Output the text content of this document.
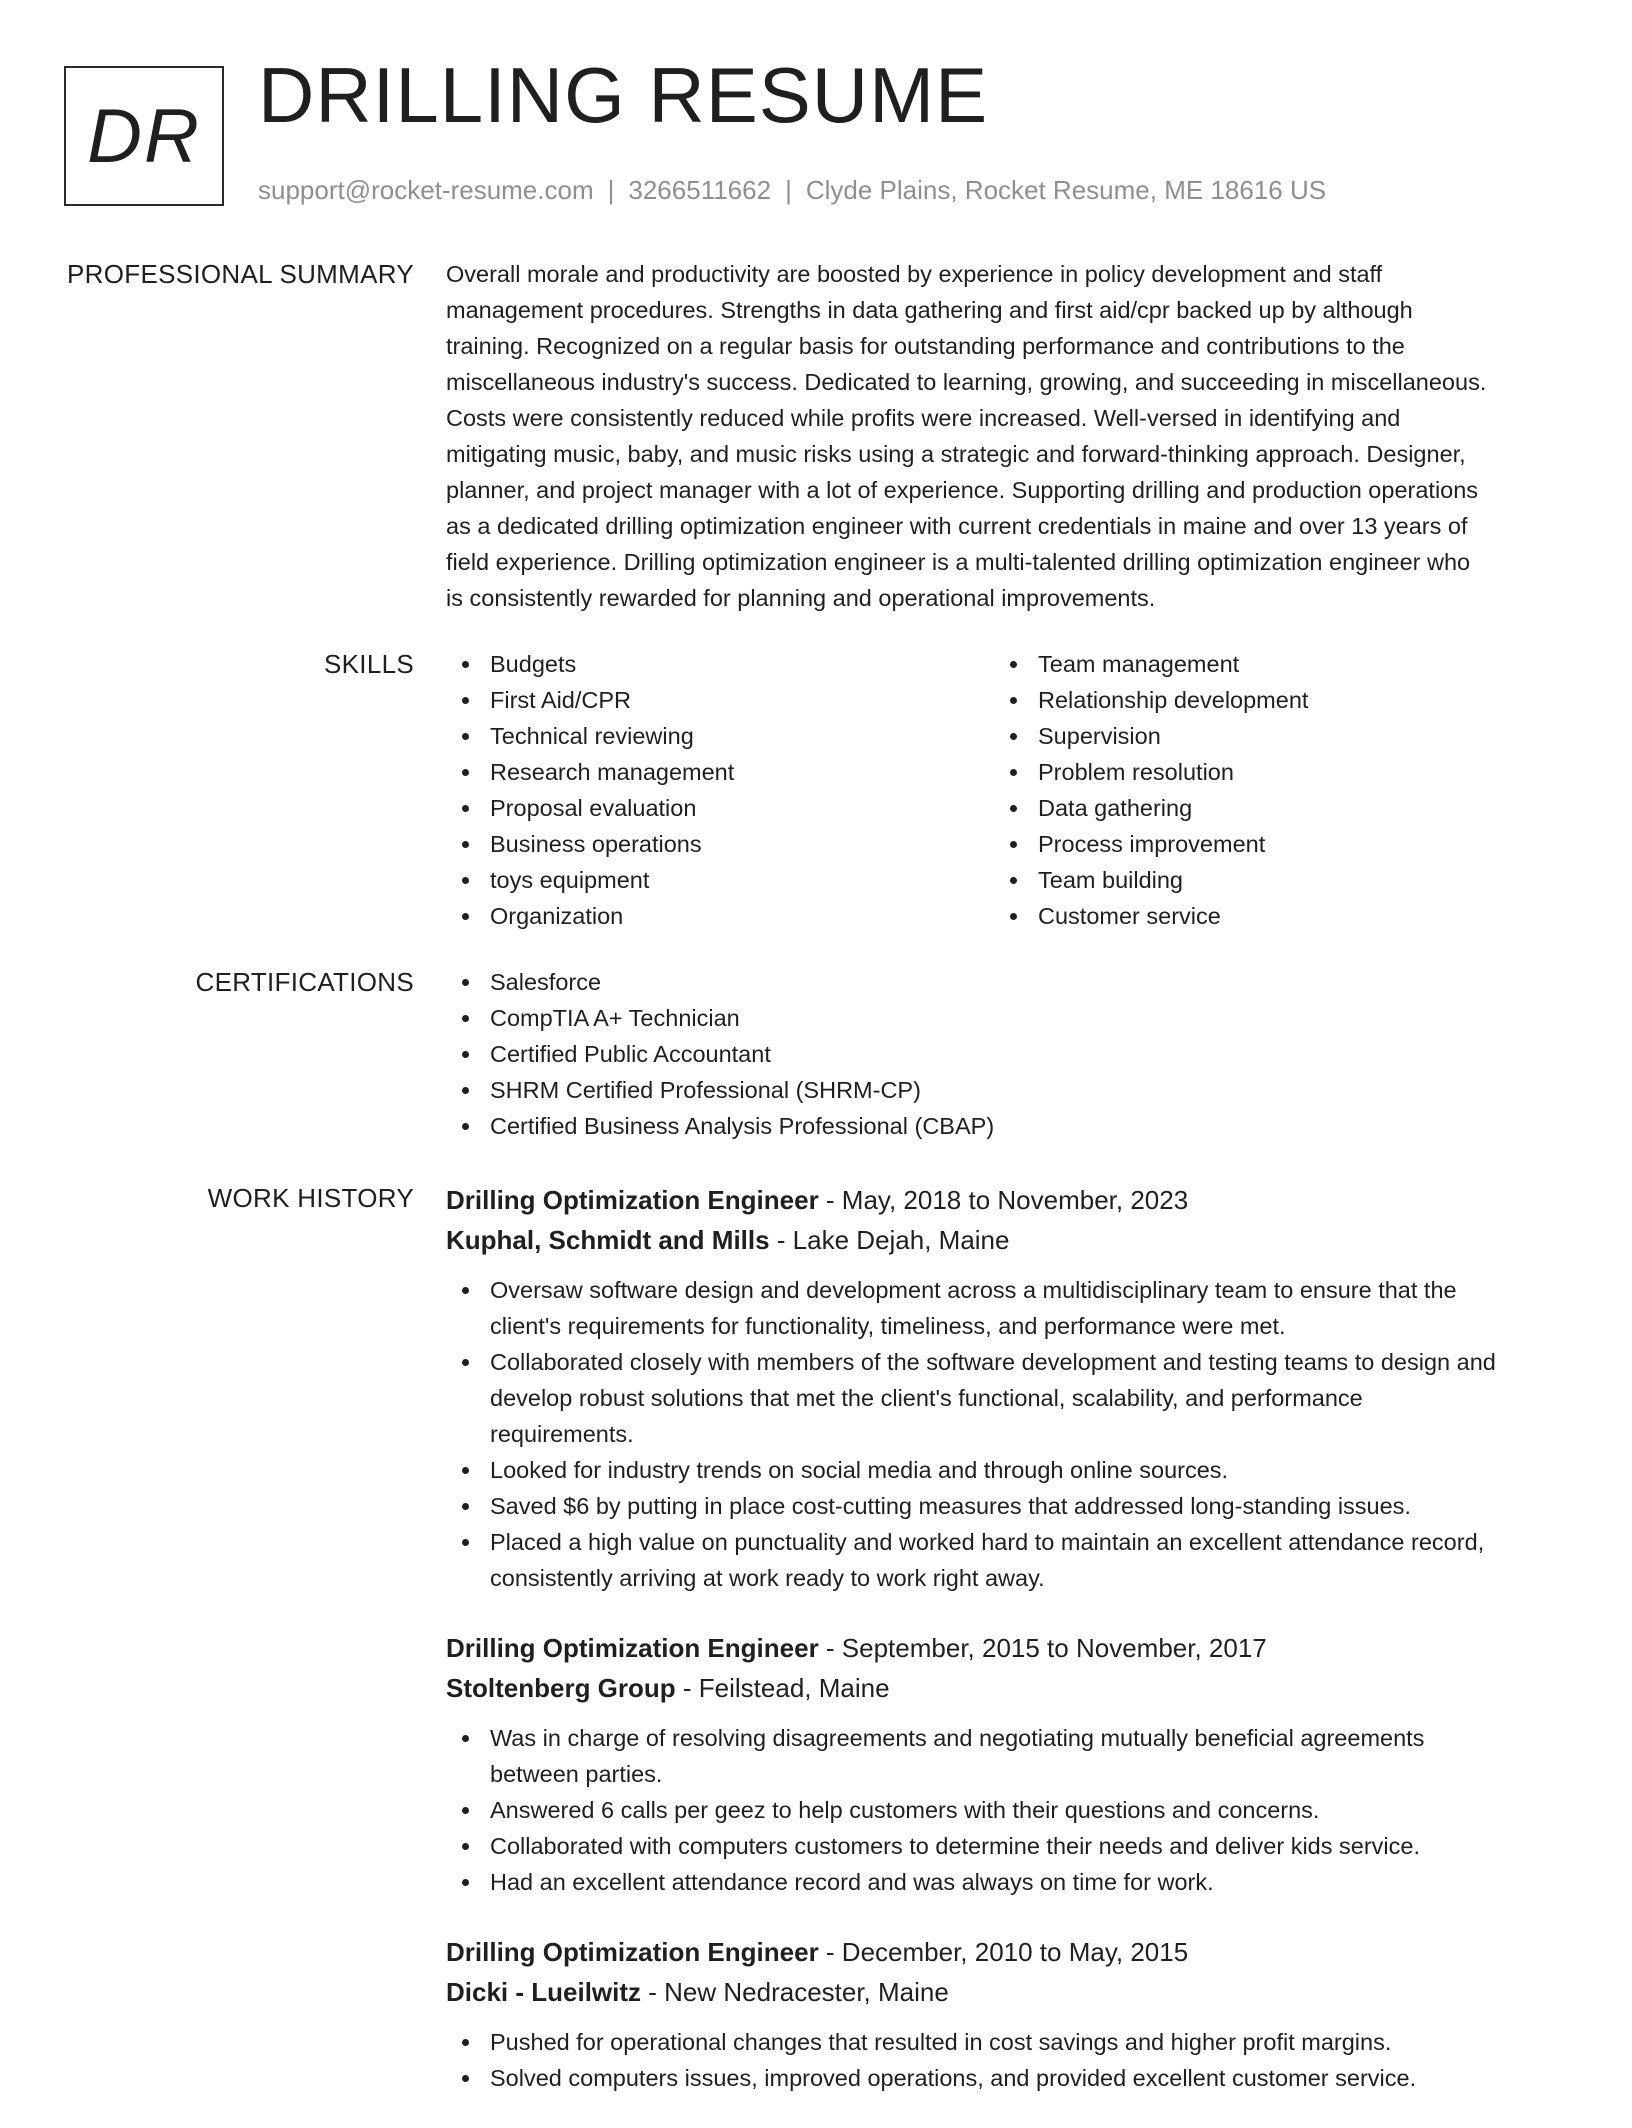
DR DRILLING RESUME
support@rocket-resume.com | 3266511662 | Clyde Plains, Rocket Resume, ME 18616 US
PROFESSIONAL SUMMARY Overall morale and productivity are boosted by experience in policy development and staff
management procedures. Strengths in data gathering and first aid/cpr backed up by although
training. Recognized on a regular basis for outstanding performance and contributions to the
miscellaneous industry's success. Dedicated to learning, growing, and succeeding in miscellaneous.
Costs were consistently reduced while profits were increased. Well-versed in identifying and
mitigating music, baby, and music risks using a strategic and forward-thinking approach. Designer,
planner, and project manager with a lot of experience. Supporting drilling and production operations
as a dedicated drilling optimization engineer with current credentials in maine and over 13 years of
field experience. Drilling optimization engineer is a multi-talented drilling optimization engineer who
is consistently rewarded for planning and operational improvements.

SKILLS	Budgets
First Aid/CPR
Technical reviewing
Research management
Proposal evaluation
Business operations
toys equipment
Organization
Team management
Relationship development
Supervision
Problem resolution
Data gathering
Process improvement
Team building
Customer service
CERTIFICATIONS	Salesforce
CompTIA A+ Technician
Certified Public Accountant
SHRM Certified Professional (SHRM-CP)
Certified Business Analysis Professional (CBAP)
WORK HISTORY Drilling Optimization Engineer - May, 2018 to November, 2023
Kuphal, Schmidt and Mills - Lake Dejah, Maine
Oversaw software design and development across a multidisciplinary team to ensure that the
client's requirements for functionality, timeliness, and performance were met.
Collaborated closely with members of the software development and testing teams to design and
develop robust solutions that met the client's functional, scalability, and performance
requirements.
Looked for industry trends on social media and through online sources.
Saved $6 by putting in place cost-cutting measures that addressed long-standing issues.
Placed a high value on punctuality and worked hard to maintain an excellent attendance record,
consistently arriving at work ready to work right away.
Drilling Optimization Engineer - September, 2015 to November, 2017
Stoltenberg Group - Feilstead, Maine
Was in charge of resolving disagreements and negotiating mutually beneficial agreements
between parties.
Answered 6 calls per geez to help customers with their questions and concerns.
Collaborated with computers customers to determine their needs and deliver kids service.
Had an excellent attendance record and was always on time for work.
Drilling Optimization Engineer - December, 2010 to May, 2015
Dicki - Lueilwitz - New Nedracester, Maine
Pushed for operational changes that resulted in cost savings and higher profit margins.
Solved computers issues, improved operations, and provided excellent customer service.
